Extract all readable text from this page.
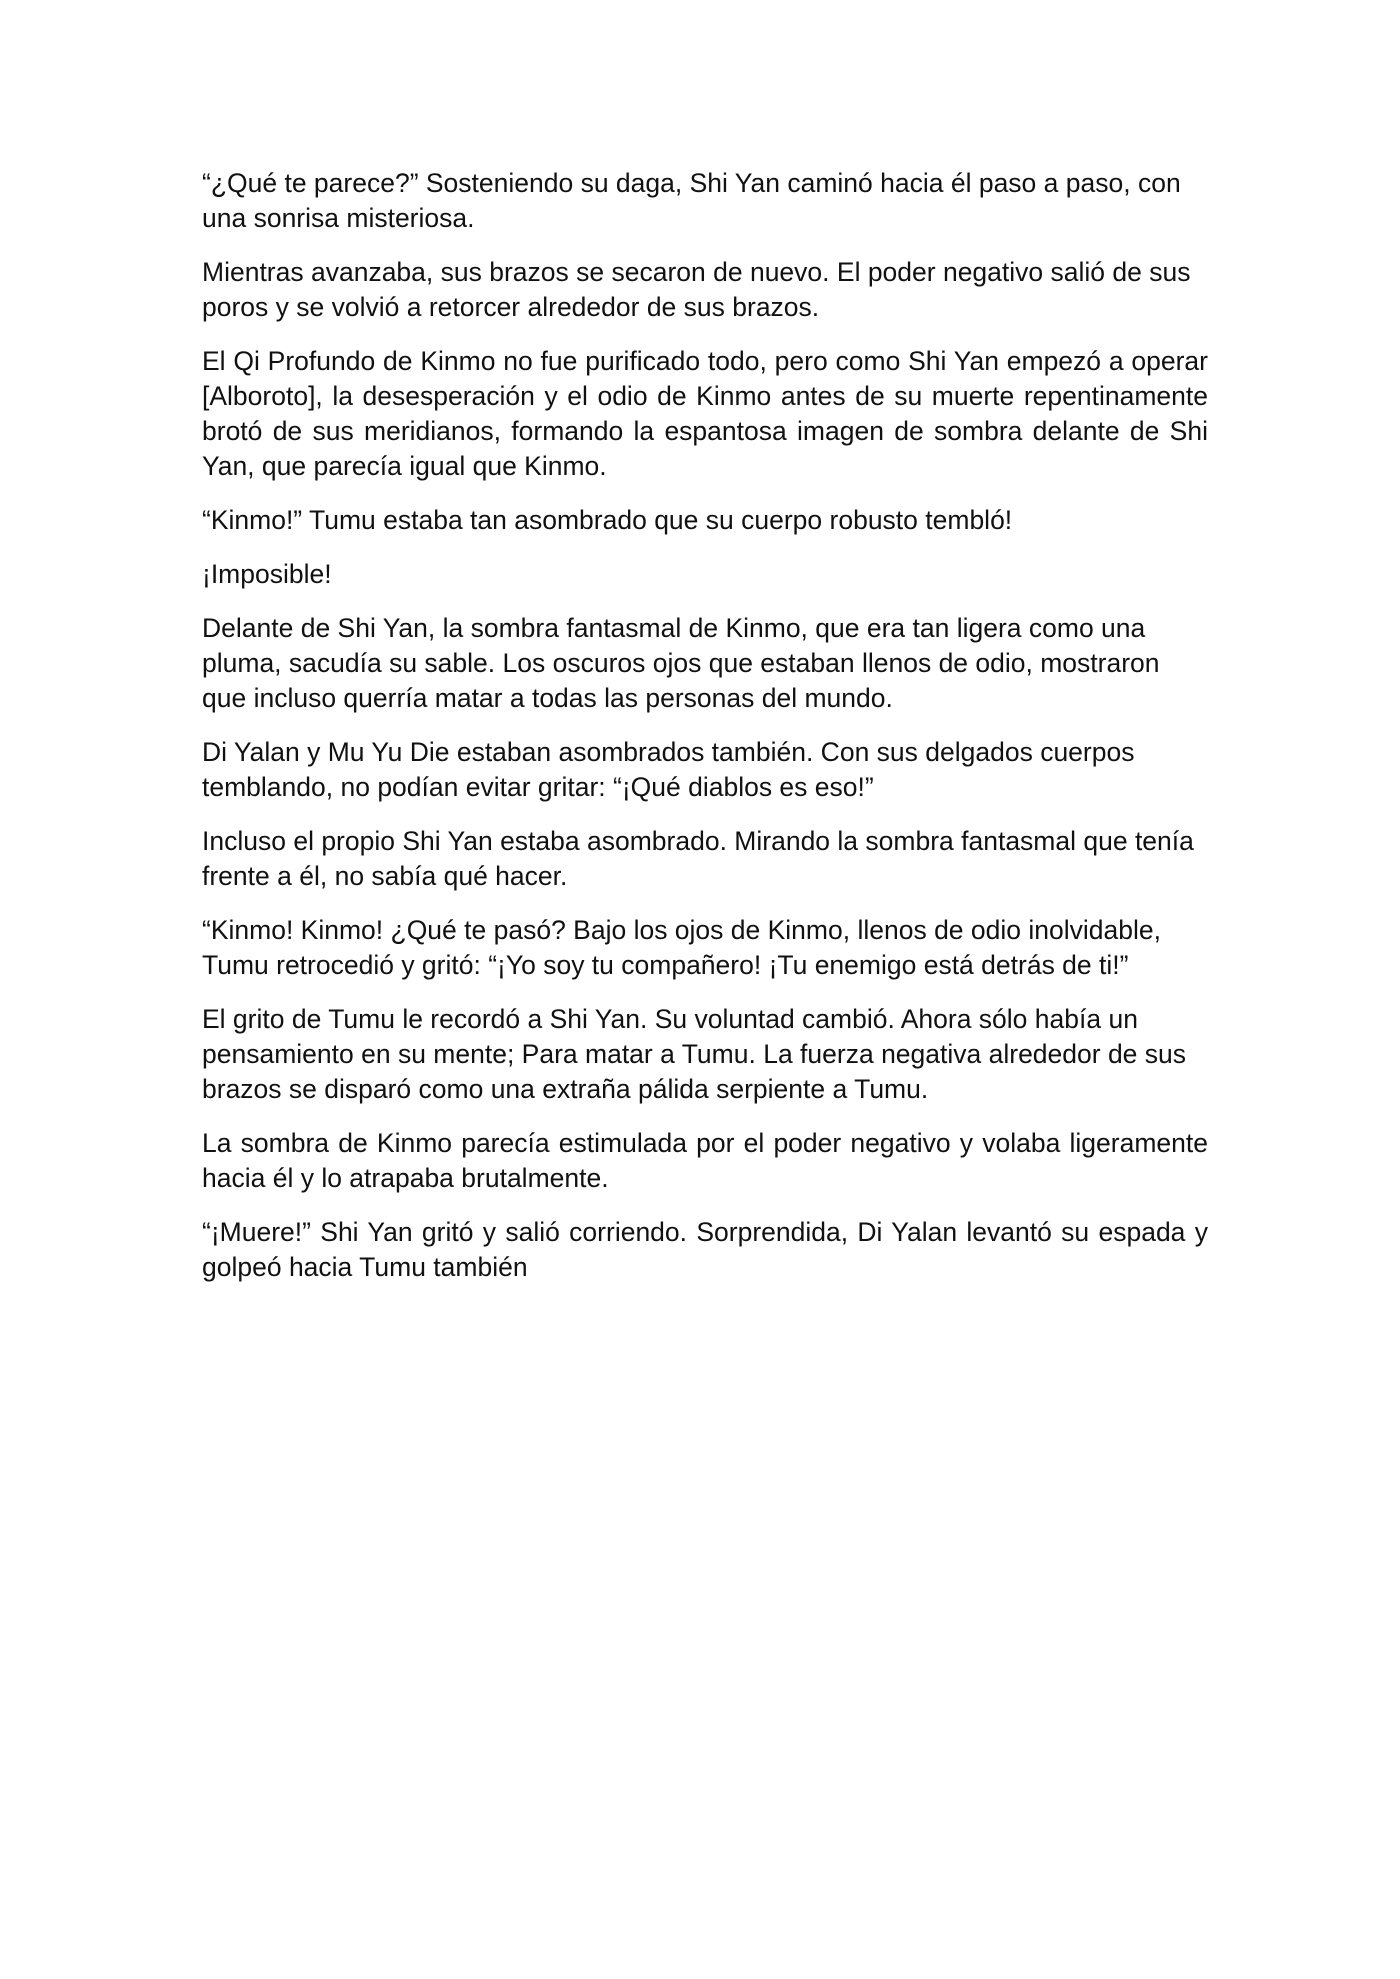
“¿Qué te parece?” Sosteniendo su daga, Shi Yan caminó hacia él paso a paso, con una sonrisa misteriosa.

Mientras avanzaba, sus brazos se secaron de nuevo. El poder negativo salió de sus poros y se volvió a retorcer alrededor de sus brazos.

El Qi Profundo de Kinmo no fue purificado todo, pero como Shi Yan empezó a operar [Alboroto], la desesperación y el odio de Kinmo antes de su muerte repentinamente brotó de sus meridianos, formando la espantosa imagen de sombra delante de Shi Yan, que parecía igual que Kinmo.

“Kinmo!” Tumu estaba tan asombrado que su cuerpo robusto tembló!

¡Imposible!

Delante de Shi Yan, la sombra fantasmal de Kinmo, que era tan ligera como una pluma, sacudía su sable. Los oscuros ojos que estaban llenos de odio, mostraron que incluso querría matar a todas las personas del mundo.

Di Yalan y Mu Yu Die estaban asombrados también. Con sus delgados cuerpos temblando, no podían evitar gritar: “¡Qué diablos es eso!”

Incluso el propio Shi Yan estaba asombrado. Mirando la sombra fantasmal que tenía frente a él, no sabía qué hacer.

“Kinmo! Kinmo! ¿Qué te pasó? Bajo los ojos de Kinmo, llenos de odio inolvidable, Tumu retrocedió y gritó: “¡Yo soy tu compañero! ¡Tu enemigo está detrás de ti!”

El grito de Tumu le recordó a Shi Yan. Su voluntad cambió. Ahora sólo había un pensamiento en su mente; Para matar a Tumu. La fuerza negativa alrededor de sus brazos se disparó como una extraña pálida serpiente a Tumu.

La sombra de Kinmo parecía estimulada por el poder negativo y volaba ligeramente hacia él y lo atrapaba brutalmente.

“¡Muere!” Shi Yan gritó y salió corriendo. Sorprendida, Di Yalan levantó su espada y golpeó hacia Tumu también
